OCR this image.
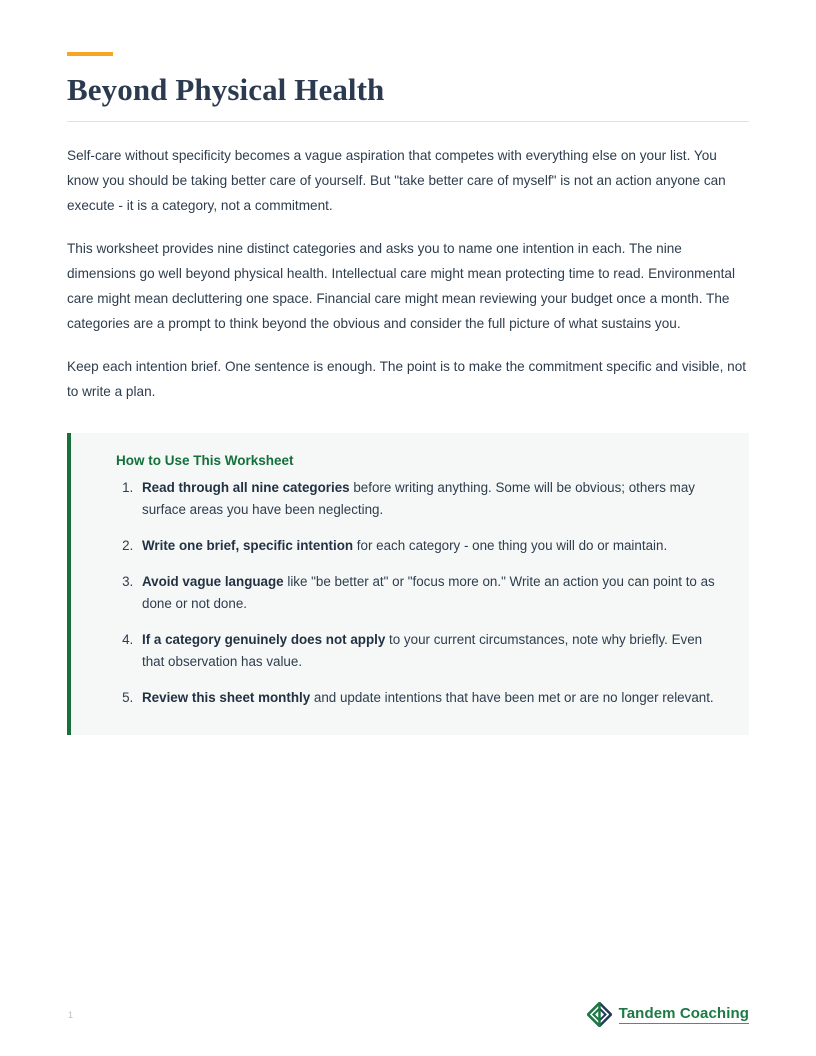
Beyond Physical Health

Self-care without specificity becomes a vague aspiration that competes with everything else on your list. You know you should be taking better care of yourself. But "take better care of myself" is not an action anyone can execute - it is a category, not a commitment.

This worksheet provides nine distinct categories and asks you to name one intention in each. The nine dimensions go well beyond physical health. Intellectual care might mean protecting time to read. Environmental care might mean decluttering one space. Financial care might mean reviewing your budget once a month. The categories are a prompt to think beyond the obvious and consider the full picture of what sustains you.

Keep each intention brief. One sentence is enough. The point is to make the commitment specific and visible, not to write a plan.

How to Use This Worksheet
1. Read through all nine categories before writing anything. Some will be obvious; others may surface areas you have been neglecting.
2. Write one brief, specific intention for each category - one thing you will do or maintain.
3. Avoid vague language like "be better at" or "focus more on." Write an action you can point to as done or not done.
4. If a category genuinely does not apply to your current circumstances, note why briefly. Even that observation has value.
5. Review this sheet monthly and update intentions that have been met or are no longer relevant.
1	Tandem Coaching
